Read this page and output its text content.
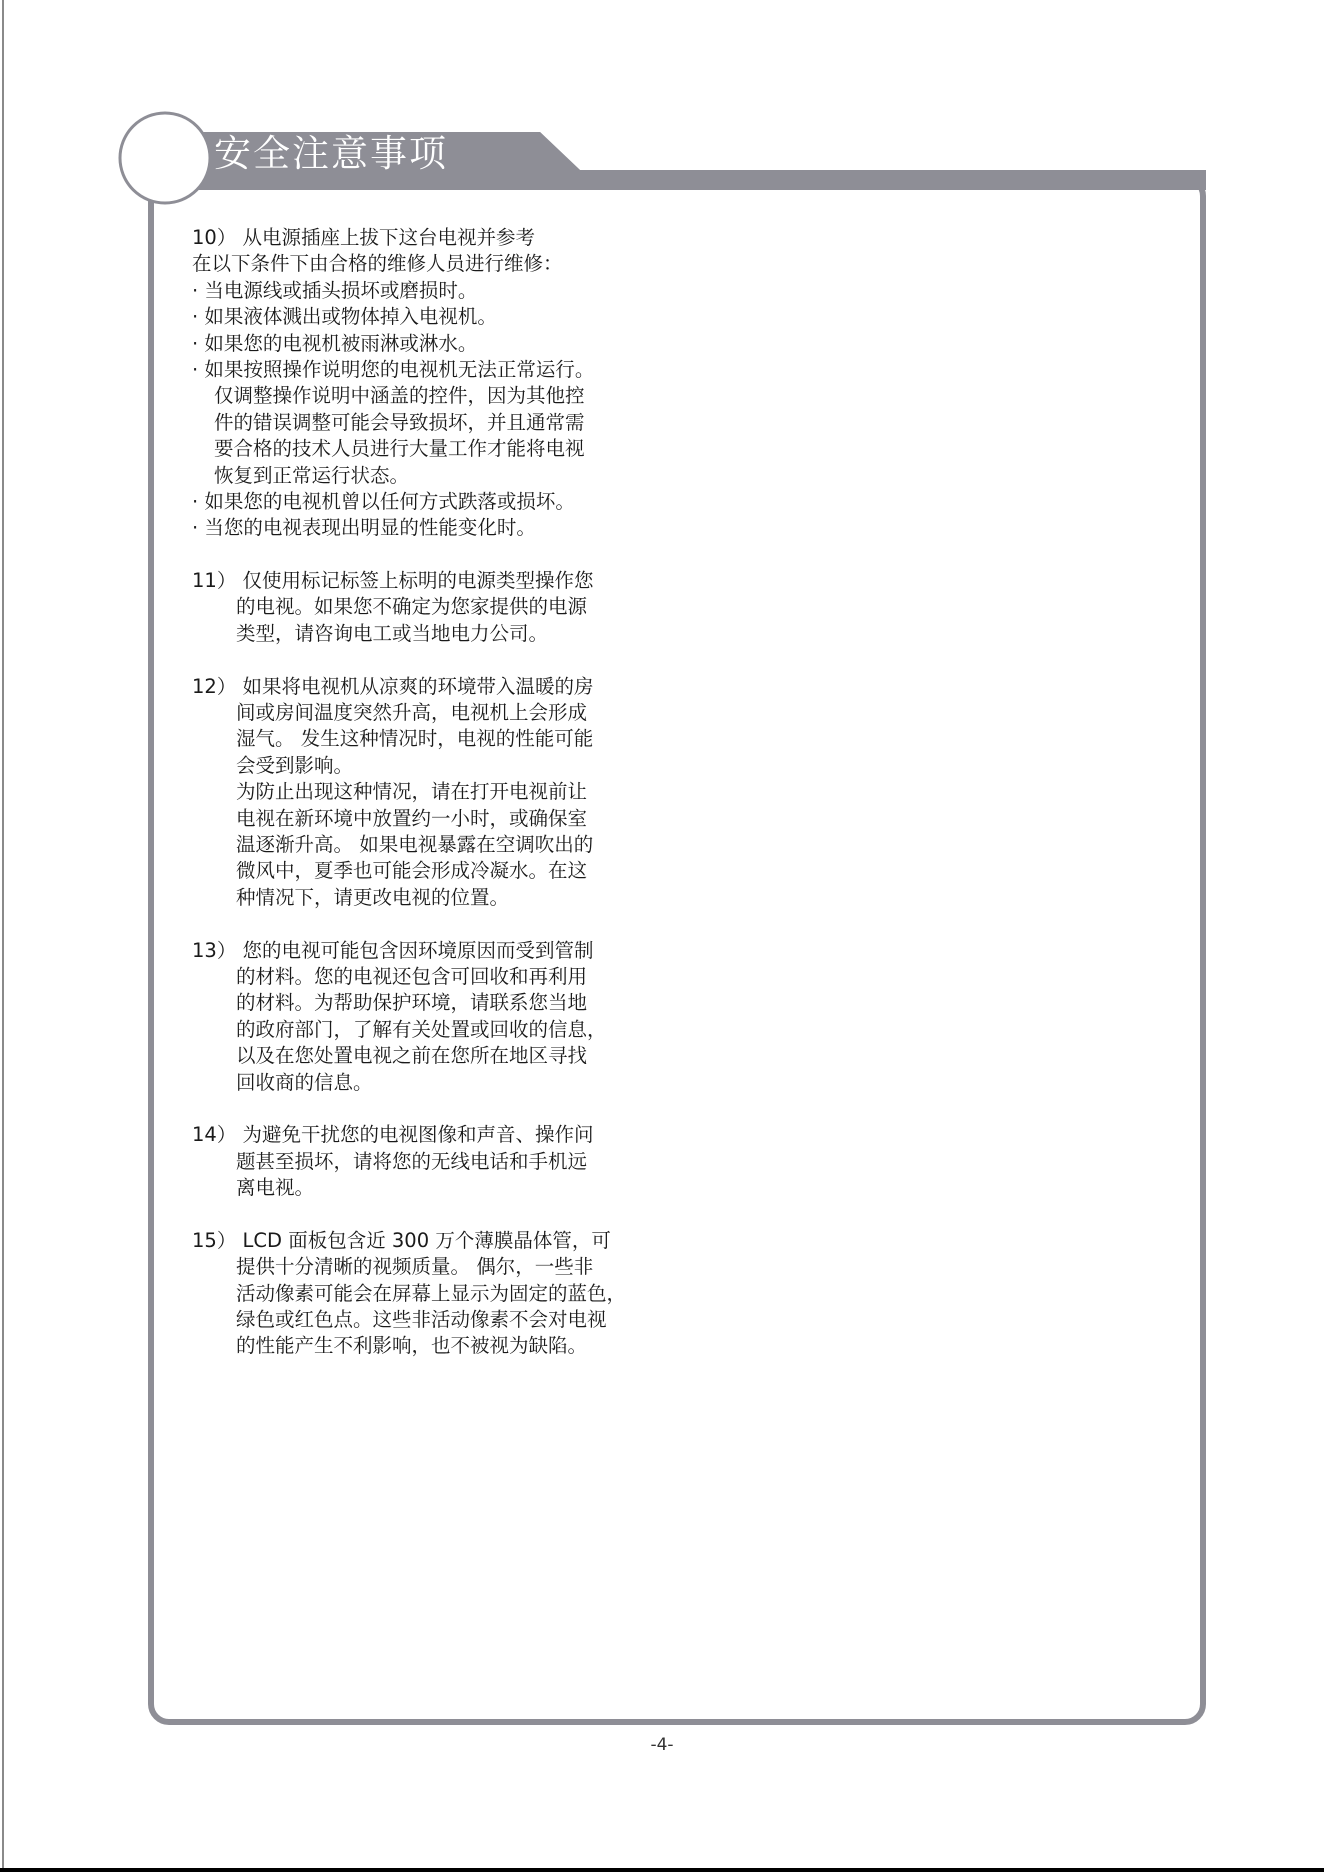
安全注意事项
10） 从电源插座上拔下这台电视并参考
在以下条件下由合格的维修人员进行维修：
· 当电源线或插头损坏或磨损时。
· 如果液体溅出或物体掉入电视机。
· 如果您的电视机被雨淋或淋水。
· 如果按照操作说明您的电视机无法正常运行。
仅调整操作说明中涵盖的控件，因为其他控
件的错误调整可能会导致损坏，并且通常需
要合格的技术人员进行大量工作才能将电视
恢复到正常运行状态。
· 如果您的电视机曾以任何方式跌落或损坏。
· 当您的电视表现出明显的性能变化时。
11） 仅使用标记标签上标明的电源类型操作您
的电视。如果您不确定为您家提供的电源
类型，请咨询电工或当地电力公司。
12） 如果将电视机从凉爽的环境带入温暖的房
间或房间温度突然升高，电视机上会形成
湿气。 发生这种情况时，电视的性能可能
会受到影响。
为防止出现这种情况，请在打开电视前让
电视在新环境中放置约一小时，或确保室
温逐渐升高。 如果电视暴露在空调吹出的
微风中，夏季也可能会形成冷凝水。在这
种情况下，请更改电视的位置。
13） 您的电视可能包含因环境原因而受到管制
的材料。您的电视还包含可回收和再利用
的材料。为帮助保护环境，请联系您当地
的政府部门，了解有关处置或回收的信息，
以及在您处置电视之前在您所在地区寻找
回收商的信息。
14） 为避免干扰您的电视图像和声音、操作问
题甚至损坏，请将您的无线电话和手机远
离电视。
15） LCD 面板包含近 300 万个薄膜晶体管，可
提供十分清晰的视频质量。 偶尔，一些非
活动像素可能会在屏幕上显示为固定的蓝色，
绿色或红色点。这些非活动像素不会对电视
的性能产生不利影响，也不被视为缺陷。
-4-
